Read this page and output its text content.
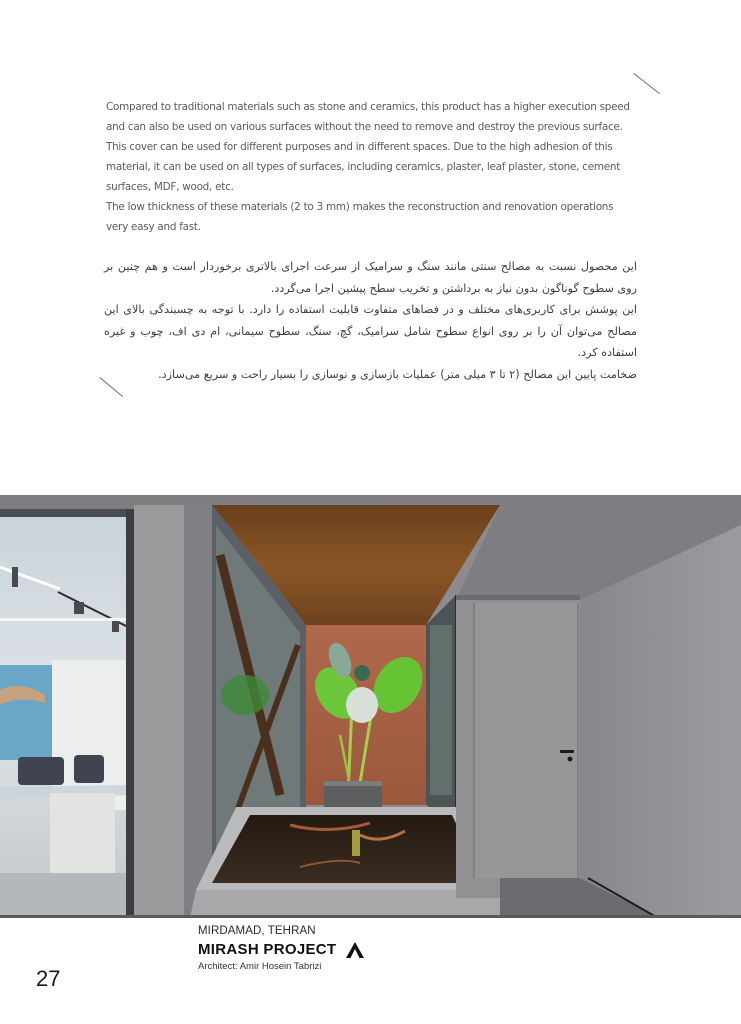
Compared to traditional materials such as stone and ceramics, this product has a higher execution speed and can also be used on various surfaces without the need to remove and destroy the previous surface.

This cover can be used for different purposes and in different spaces. Due to the high adhesion of this material, it can be used on all types of surfaces, including ceramics, plaster, leaf plaster, stone, cement surfaces, MDF, wood, etc.

The low thickness of these materials (2 to 3 mm) makes the reconstruction and renovation operations very easy and fast.

این محصول نسبت به مصالح سنتی مانند سنگ و سرامیک از سرعت اجرای بالاتری برخوردار است و هم چنین بر روی سطوح گوناگون بدون نیاز به برداشتن و تخریب سطح پیشین اجرا می‌گردد.

این پوشش برای کاربری‌های مختلف و در فضاهای متفاوت قابلیت استفاده را دارد. با توجه به چسبندگی بالای این مصالح می‌توان آن را بر روی انواع سطوح شامل سرامیک، گچ، سنگ، سطوح سیمانی، ام دی اف، چوب و غیره استفاده کرد.

ضخامت پایین این مصالح (۲ تا ۳ میلی متر) عملیات بازسازی و نوسازی را بسیار راحت و سریع می‌سازد.

MIRDAMAD, TEHRAN
MIRASH PROJECT
Architect: Amir Hosein Tabrizi
27
